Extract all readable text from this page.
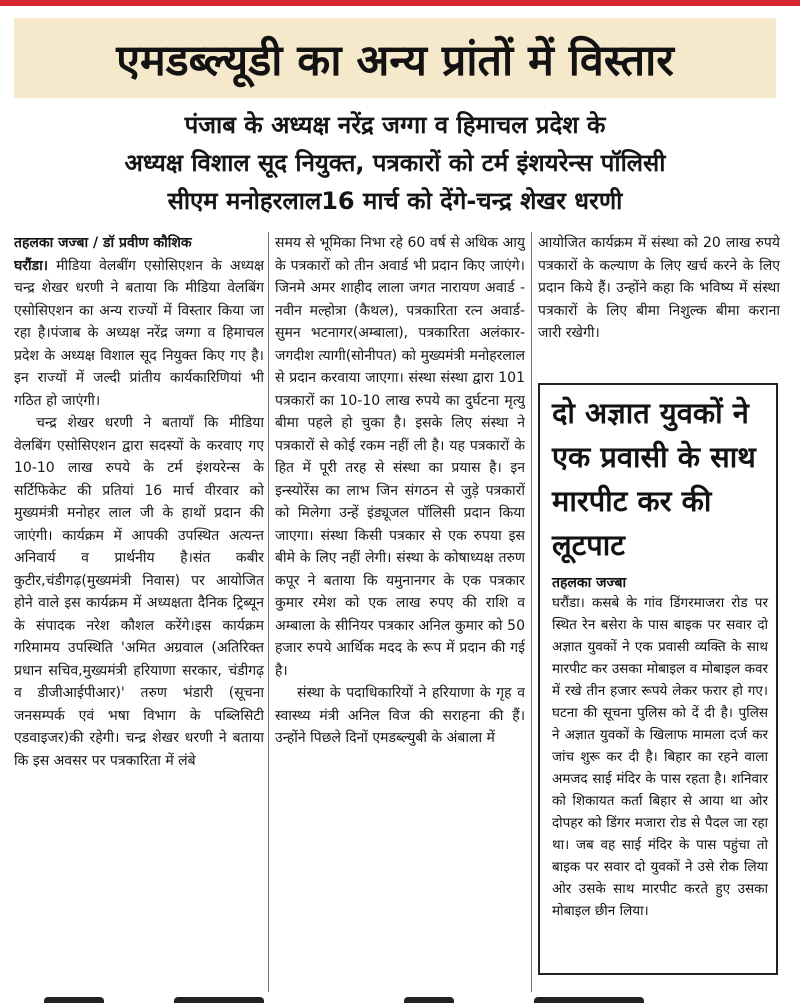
एमडब्ल्यूडी का अन्य प्रांतों में विस्तार
पंजाब के अध्यक्ष नरेंद्र जग्गा व हिमाचल प्रदेश के
अध्यक्ष विशाल सूद नियुक्त, पत्रकारों को टर्म इंशयरेन्स पॉलिसी
सीएम मनोहरलाल16 मार्च को देंगे-चन्द्र शेखर धरणी

तहलका जज्बा / डॉ प्रवीण कौशिक
घरौंडा। मीडिया वेलबींग एसोसिएशन के अध्यक्ष चन्द्र शेखर धरणी ने बताया कि मीडिया वेलबिंग एसोसिएशन का अन्य राज्यों में विस्तार किया जा रहा है।पंजाब के अध्यक्ष नरेंद्र जग्गा व हिमाचल प्रदेश के अध्यक्ष विशाल सूद नियुक्त किए गए है।इन राज्यों में जल्दी प्रांतीय कार्यकारिणियां भी गठित हो जाएंगी।

चन्द्र शेखर धरणी ने बतायाँ कि मीडिया वेलबिंग एसोसिएशन द्वारा सदस्यों के करवाए गए 10-10 लाख रुपये के टर्म इंशयरेन्स के सर्टिफिकेट की प्रतियां 16 मार्च वीरवार को मुख्यमंत्री मनोहर लाल जी के हाथों प्रदान की जाएंगी। कार्यक्रम में आपकी उपस्थित अत्यन्त अनिवार्य व प्रार्थनीय है।संत कबीर कुटीर,चंडीगढ़(मुख्यमंत्री निवास) पर आयोजित होने वाले इस कार्यक्रम में अध्यक्षता दैनिक ट्रिब्यून के संपादक नरेश कौशल करेंगे।इस कार्यक्रम गरिमामय उपस्थिति 'अमित अग्रवाल (अतिरिक्त प्रधान सचिव,मुख्यमंत्री हरियाणा सरकार, चंडीगढ़ व डीजीआईपीआर)' तरुण भंडारी (सूचना जनसम्पर्क एवं भषा विभाग के पब्लिसिटी एडवाइजर)की रहेगी। चन्द्र शेखर धरणी ने बताया कि इस अवसर पर पत्रकारिता में लंबे

समय से भूमिका निभा रहे 60 वर्ष से अधिक आयु के पत्रकारों को तीन अवार्ड भी प्रदान किए जाएंगे।जिनमे अमर शाहीद लाला जगत नारायण अवार्ड - नवीन मल्होत्रा (कैथल), पत्रकारिता रत्न अवार्ड-सुमन भटनागर(अम्बाला), पत्रकारिता अलंकार-जगदीश त्यागी(सोनीपत) को मुख्यमंत्री मनोहरलाल से प्रदान करवाया जाएगा। संस्था संस्था द्वारा 101 पत्रकारों का 10-10 लाख रुपये का दुर्घटना मृत्यु बीमा पहले हो चुका है। इसके लिए संस्था ने पत्रकारों से कोई रकम नहीं ली है। यह पत्रकारों के हित में पूरी तरह से संस्था का प्रयास है। इन इन्स्योरेंस का लाभ जिन संगठन से जुड़े पत्रकारों को मिलेगा उन्हें इंड्यूजल पॉलिसी प्रदान किया जाएगा। संस्था किसी पत्रकार से एक रुपया इस बीमे के लिए नहीं लेगी। संस्था के कोषाध्यक्ष तरुण कपूर ने बताया कि यमुनानगर के एक पत्रकार कुमार रमेश को एक लाख रुपए की राशि व अम्बाला के सीनियर पत्रकार अनिल कुमार को 50 हजार रुपये आर्थिक मदद के रूप में प्रदान की गई है।

संस्था के पदाधिकारियों ने हरियाणा के गृह व स्वास्थ्य मंत्री अनिल विज की सराहना की हैं। उन्होंने पिछले दिनों एमडब्ल्युबी के अंबाला में

आयोजित कार्यक्रम में संस्था को 20 लाख रुपये पत्रकारों के कल्याण के लिए खर्च करने के लिए प्रदान किये हैं। उन्होंने कहा कि भविष्य में संस्था पत्रकारों के लिए बीमा निशुल्क बीमा कराना जारी रखेगी।

दो अज्ञात युवकों ने एक प्रवासी के साथ मारपीट कर की लूटपाट
तहलका जज्बा

घरौंडा। कसबे के गांव डिंगरमाजरा रोड पर स्थित रेन बसेरा के पास बाइक पर सवार दो अज्ञात युवकों ने एक प्रवासी व्यक्ति के साथ मारपीट कर उसका मोबाइल व मोबाइल कवर में रखे तीन हजार रूपये लेकर फरार हो गए। घटना की सूचना पुलिस को दें दी है। पुलिस ने अज्ञात युवकों के खिलाफ मामला दर्ज कर जांच शुरू कर दी है। बिहार का रहने वाला अमजद साई मंदिर के पास रहता है। शनिवार को शिकायत कर्ता बिहार से आया था ओर दोपहर को डिंगर मजारा रोड से पैदल जा रहा था। जब वह साई मंदिर के पास पहुंचा तो बाइक पर सवार दो युवकों ने उसे रोक लिया ओर उसके साथ मारपीट करते हुए उसका मोबाइल छीन लिया।
